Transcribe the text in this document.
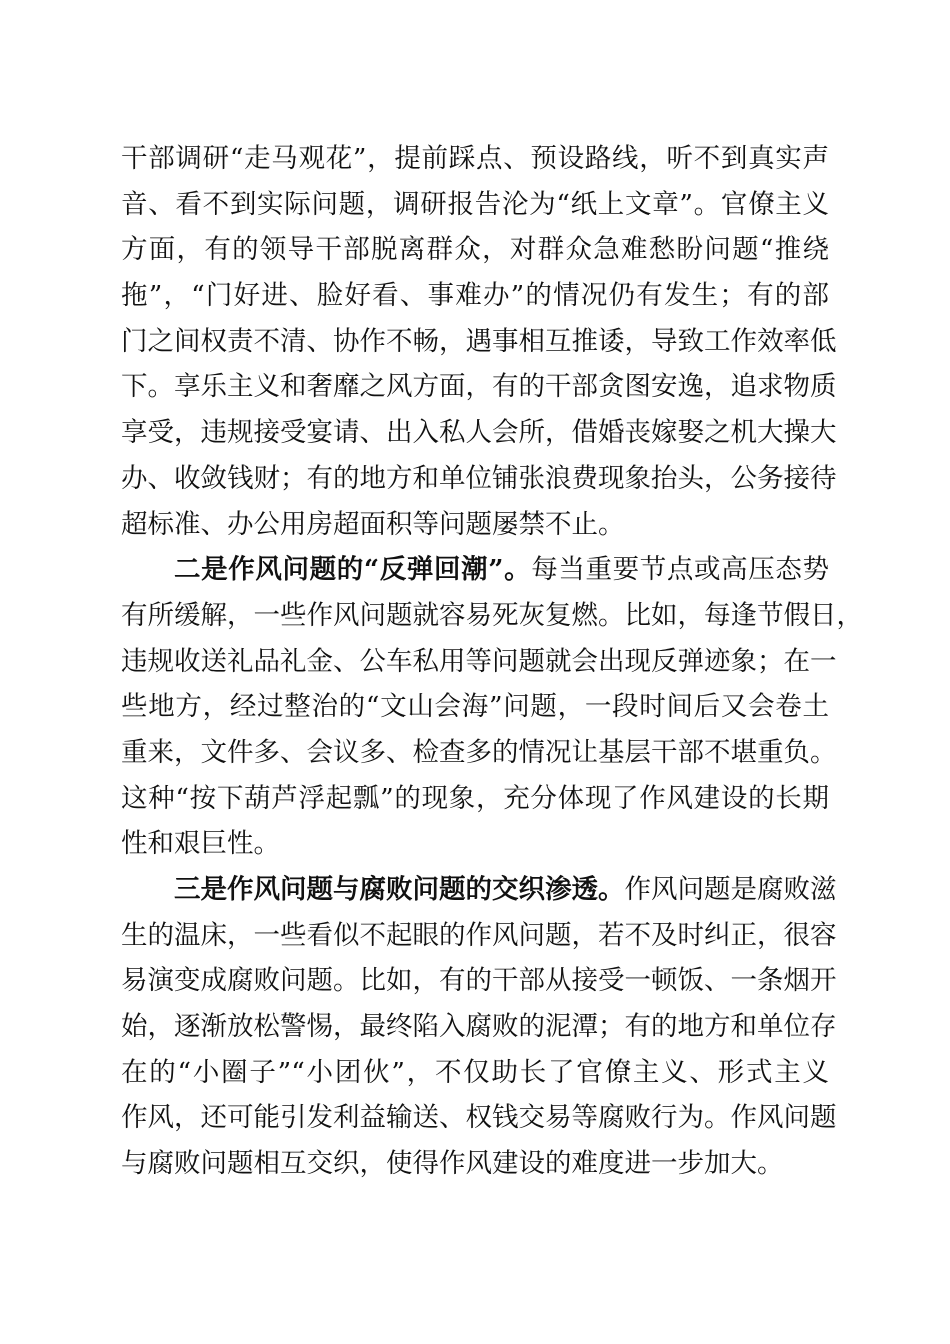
干部调研“走马观花”，提前踩点、预设路线，听不到真实声
音、看不到实际问题，调研报告沦为“纸上文章”。官僚主义
方面，有的领导干部脱离群众，对群众急难愁盼问题“推绕
拖”，“门好进、脸好看、事难办”的情况仍有发生；有的部
门之间权责不清、协作不畅，遇事相互推诿，导致工作效率低
下。享乐主义和奢靡之风方面，有的干部贪图安逸，追求物质
享受，违规接受宴请、出入私人会所，借婚丧嫁娶之机大操大
办、收敛钱财；有的地方和单位铺张浪费现象抬头，公务接待
超标准、办公用房超面积等问题屡禁不止。
二是作风问题的“反弹回潮”。每当重要节点或高压态势
有所缓解，一些作风问题就容易死灰复燃。比如，每逢节假日，
违规收送礼品礼金、公车私用等问题就会出现反弹迹象；在一
些地方，经过整治的“文山会海”问题，一段时间后又会卷土
重来，文件多、会议多、检查多的情况让基层干部不堪重负。
这种“按下葫芦浮起瓢”的现象，充分体现了作风建设的长期
性和艰巨性。
三是作风问题与腐败问题的交织渗透。作风问题是腐败滋
生的温床，一些看似不起眼的作风问题，若不及时纠正，很容
易演变成腐败问题。比如，有的干部从接受一顿饭、一条烟开
始，逐渐放松警惕，最终陷入腐败的泥潭；有的地方和单位存
在的“小圈子”“小团伙”，不仅助长了官僚主义、形式主义
作风，还可能引发利益输送、权钱交易等腐败行为。作风问题
与腐败问题相互交织，使得作风建设的难度进一步加大。
